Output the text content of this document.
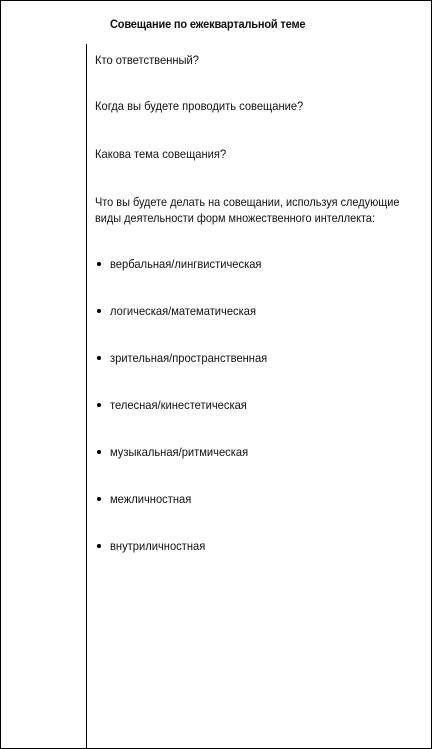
Совещание по ежеквартальной теме

Кто ответственный?

Когда вы будете проводить совещание?

Какова тема совещания?

Что вы будете делать на совещании, используя следующие
виды деятельности форм множественного интеллекта:

вербальная/лингвистическая
логическая/математическая
зрительная/пространственная
телесная/кинестетическая
музыкальная/ритмическая
межличностная
внутриличностная
